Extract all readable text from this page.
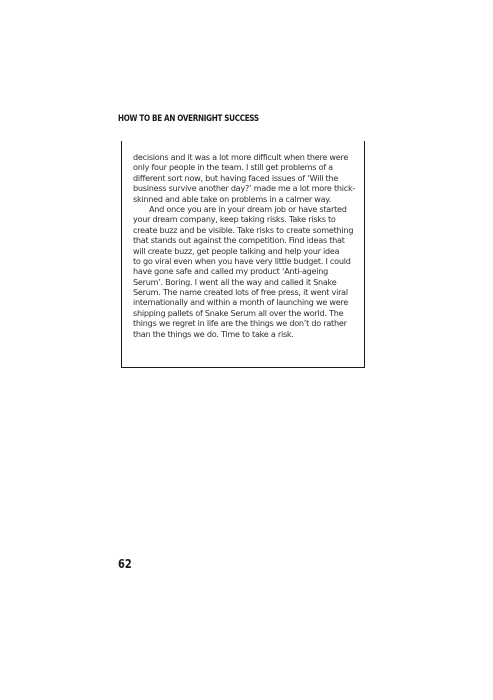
HOW TO BE AN OVERNIGHT SUCCESS
decisions and it was a lot more difficult when there were
only four people in the team. I still get problems of a
different sort now, but having faced issues of ‘Will the
business survive another day?’ made me a lot more thick-
skinned and able take on problems in a calmer way.
And once you are in your dream job or have started
your dream company, keep taking risks. Take risks to
create buzz and be visible. Take risks to create something
that stands out against the competition. Find ideas that
will create buzz, get people talking and help your idea
to go viral even when you have very little budget. I could
have gone safe and called my product ‘Anti-ageing
Serum’. Boring. I went all the way and called it Snake
Serum. The name created lots of free press, it went viral
internationally and within a month of launching we were
shipping pallets of Snake Serum all over the world. The
things we regret in life are the things we don’t do rather
than the things we do. Time to take a risk.
62
